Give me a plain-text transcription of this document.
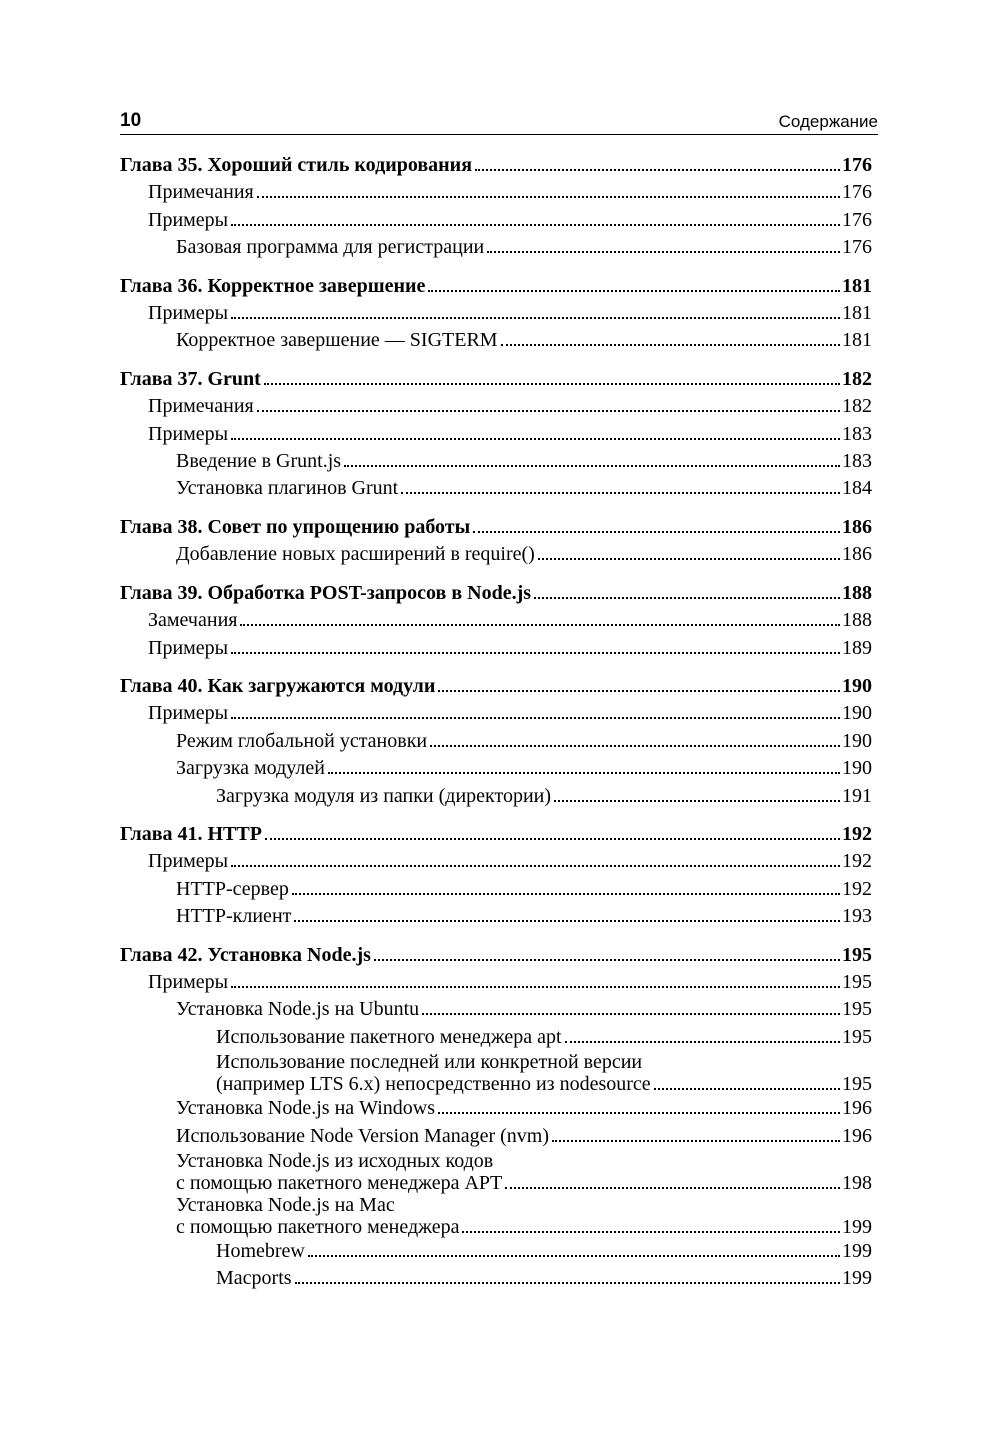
10	Содержание
Глава 35. Хороший стиль кодирования	176
Примечания	176
Примеры	176
Базовая программа для регистрации	176
Глава 36. Корректное завершение	181
Примеры	181
Корректное завершение — SIGTERM	181
Глава 37. Grunt	182
Примечания	182
Примеры	183
Введение в Grunt.js	183
Установка плагинов Grunt	184
Глава 38. Совет по упрощению работы	186
Добавление новых расширений в require()	186
Глава 39. Обработка POST-запросов в Node.js	188
Замечания	188
Примеры	189
Глава 40. Как загружаются модули	190
Примеры	190
Режим глобальной установки	190
Загрузка модулей	190
Загрузка модуля из папки (директории)	191
Глава 41. HTTP	192
Примеры	192
HTTP-сервер	192
HTTP-клиент	193
Глава 42. Установка Node.js	195
Примеры	195
Установка Node.js на Ubuntu	195
Использование пакетного менеджера apt	195
Использование последней или конкретной версии
(например LTS 6.x) непосредственно из nodesource	195
Установка Node.js на Windows	196
Использование Node Version Manager (nvm)	196
Установка Node.js из исходных кодов
с помощью пакетного менеджера APT	198
Установка Node.js на Mac
с помощью пакетного менеджера	199
Homebrew	199
Macports	199
